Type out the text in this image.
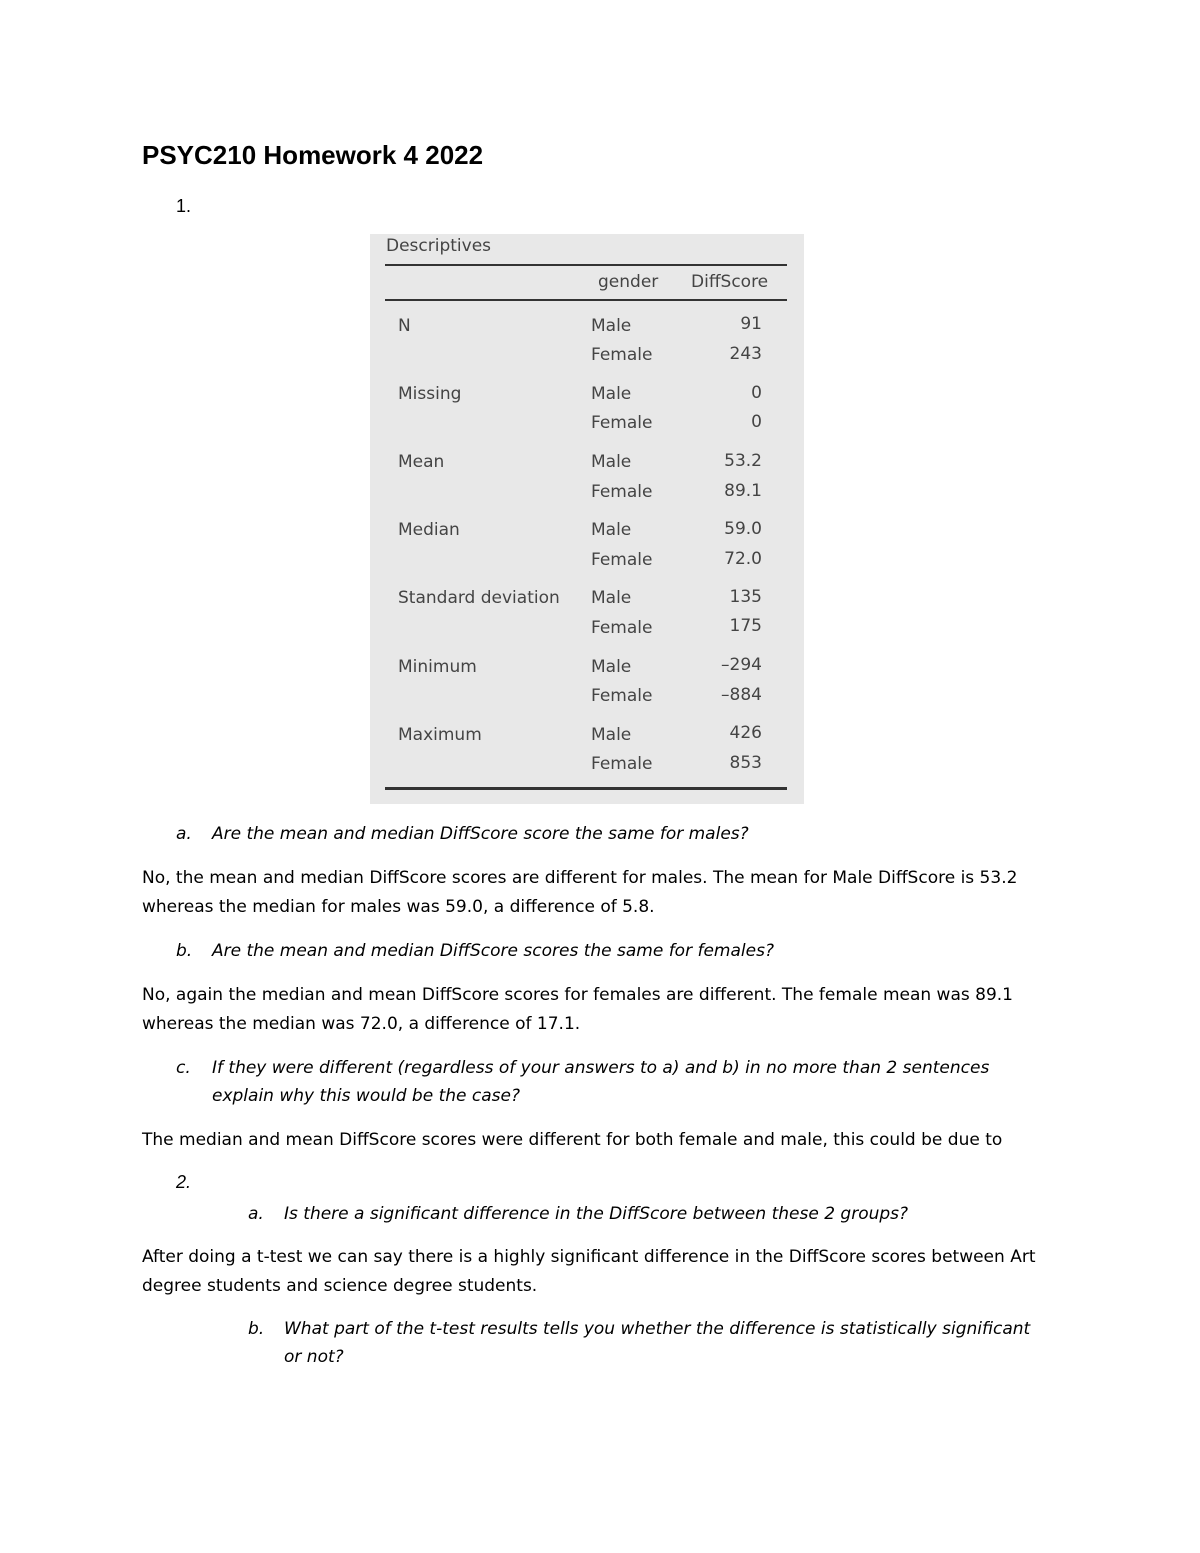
PSYC210 Homework 4 2022
1.
Descriptives
gender DiffScore
N	Male	91
Female	243
Missing	Male	0
Female	0
Mean	Male	53.2
Female	89.1
Median	Male	59.0
Female	72.0
Standard deviation Male	135
Female	175
Minimum	Male	–294
Female	–884
Maximum	Male	426
Female	853
a. Are the mean and median DiffScore score the same for males?
No, the mean and median DiffScore scores are different for males. The mean for Male DiffScore is 53.2 whereas the median for males was 59.0, a difference of 5.8.
b. Are the mean and median DiffScore scores the same for females?
No, again the median and mean DiffScore scores for females are different. The female mean was 89.1 whereas the median was 72.0, a difference of 17.1.
c. If they were different (regardless of your answers to a) and b) in no more than 2 sentences
explain why this would be the case?
The median and mean DiffScore scores were different for both female and male, this could be due to
2.
a. Is there a significant difference in the DiffScore between these 2 groups?
After doing a t-test we can say there is a highly significant difference in the DiffScore scores between Art degree students and science degree students.
b. What part of the t-test results tells you whether the difference is statistically significant
or not?
